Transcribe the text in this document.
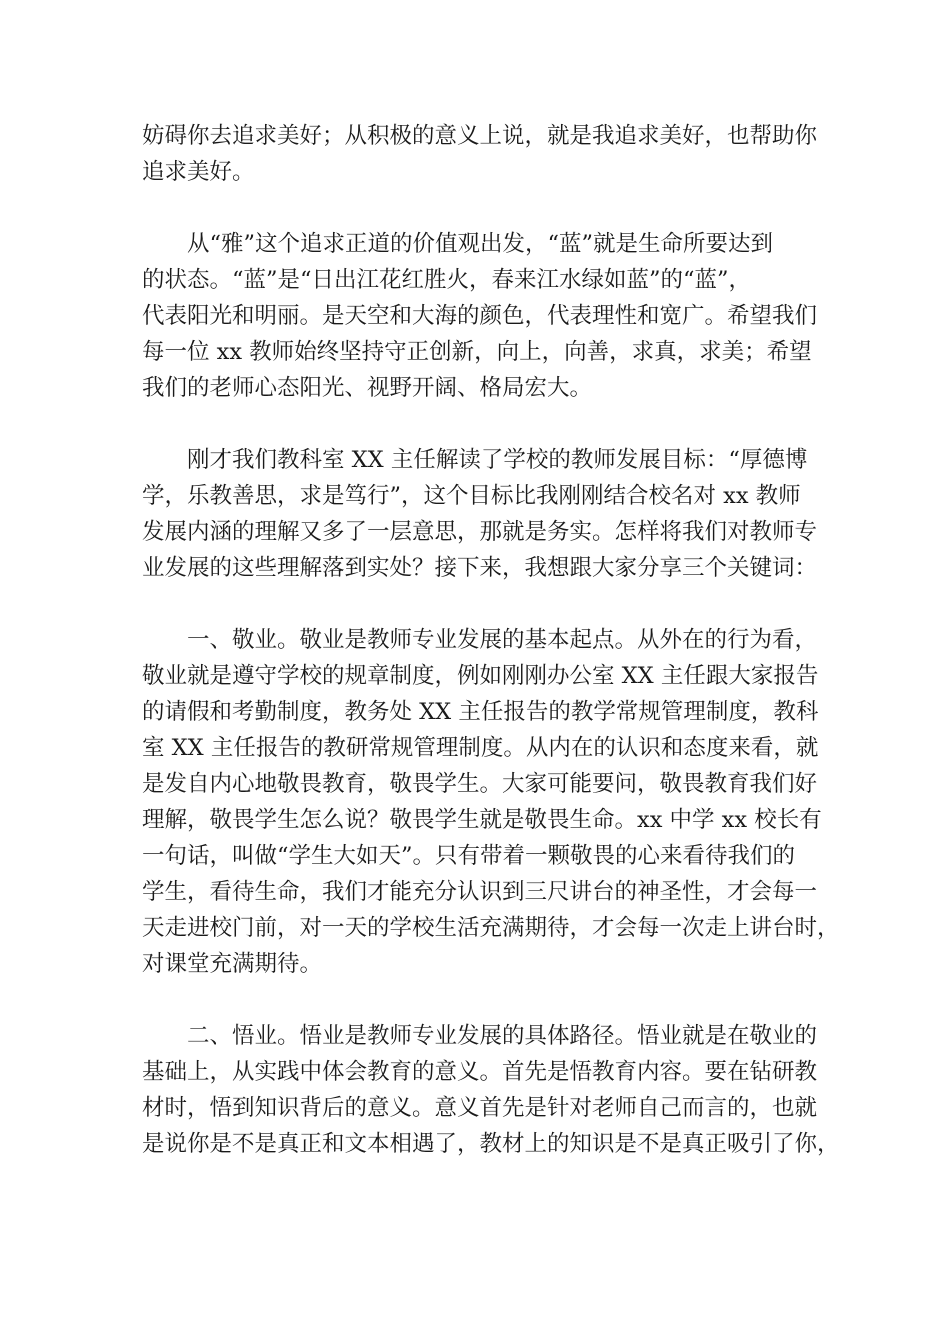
妨碍你去追求美好；从积极的意义上说，就是我追求美好，也帮助你
追求美好。
从“雅”这个追求正道的价值观出发，“蓝”就是生命所要达到
的状态。“蓝”是“日出江花红胜火，春来江水绿如蓝”的“蓝”，
代表阳光和明丽。是天空和大海的颜色，代表理性和宽广。希望我们
每一位 xx 教师始终坚持守正创新，向上，向善，求真，求美；希望
我们的老师心态阳光、视野开阔、格局宏大。
刚才我们教科室 XX 主任解读了学校的教师发展目标：“厚德博
学，乐教善思，求是笃行”，这个目标比我刚刚结合校名对 xx 教师
发展内涵的理解又多了一层意思，那就是务实。怎样将我们对教师专
业发展的这些理解落到实处？接下来，我想跟大家分享三个关键词：
一、敬业。敬业是教师专业发展的基本起点。从外在的行为看，
敬业就是遵守学校的规章制度，例如刚刚办公室 XX 主任跟大家报告
的请假和考勤制度，教务处 XX 主任报告的教学常规管理制度，教科
室 XX 主任报告的教研常规管理制度。从内在的认识和态度来看，就
是发自内心地敬畏教育，敬畏学生。大家可能要问，敬畏教育我们好
理解，敬畏学生怎么说？敬畏学生就是敬畏生命。xx 中学 xx 校长有
一句话，叫做“学生大如天”。只有带着一颗敬畏的心来看待我们的
学生，看待生命，我们才能充分认识到三尺讲台的神圣性，才会每一
天走进校门前，对一天的学校生活充满期待，才会每一次走上讲台时，
对课堂充满期待。
二、悟业。悟业是教师专业发展的具体路径。悟业就是在敬业的
基础上，从实践中体会教育的意义。首先是悟教育内容。要在钻研教
材时，悟到知识背后的意义。意义首先是针对老师自己而言的，也就
是说你是不是真正和文本相遇了，教材上的知识是不是真正吸引了你，
